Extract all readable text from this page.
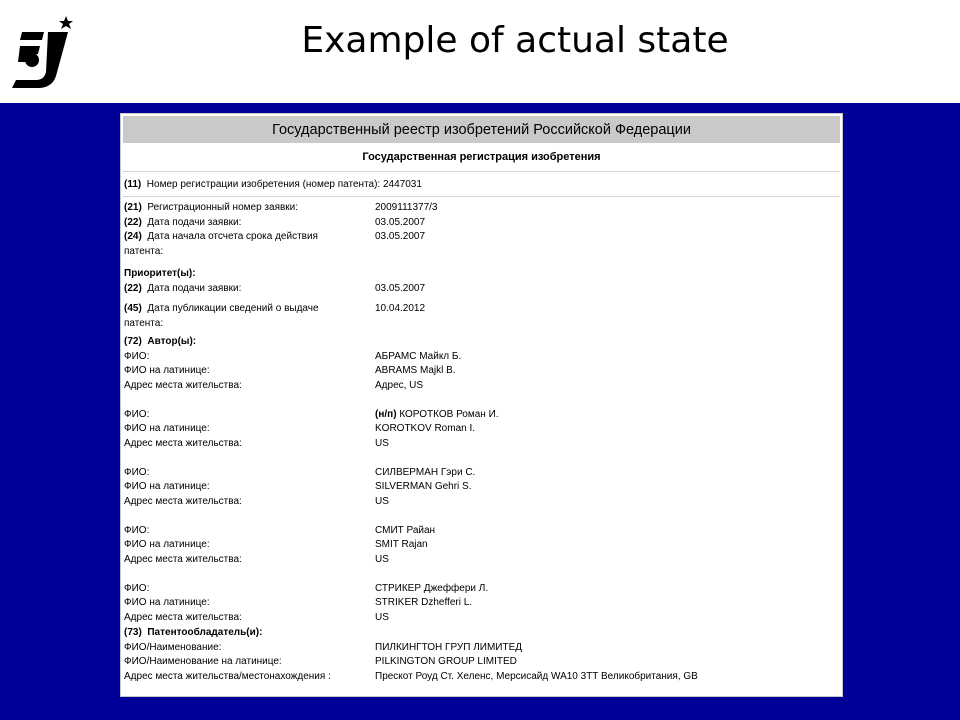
Example of actual state
Государственный реестр изобретений Российской Федерации
Государственная регистрация изобретения
(11)
Номер регистрации изобретения (номер патента):
2447031
(21) Регистрационный номер заявки:	2009111377/3
(22) Дата подачи заявки:	03.05.2007
(24) Дата начала отсчета срока действия
патента:
03.05.2007
Приоритет(ы):
(22) Дата подачи заявки:	03.05.2007
(45) Дата публикации сведений о выдаче
патента:
10.04.2012
(72) Автор(ы):
ФИО:	АБРАМС Майкл Б.
ФИО на латинице:	ABRAMS Majkl B.
Адрес места жительства:	Адрес, US
ФИО:	(н/п) КОРОТКОВ Роман И.
ФИО на латинице:	KOROTKOV Roman I.
Адрес места жительства:	US
ФИО:	СИЛВЕРМАН Гэри С.
ФИО на латинице:	SILVERMAN Gehri S.
Адрес места жительства:	US
ФИО:	СМИТ Райан
ФИО на латинице:	SMIT Rajan
Адрес места жительства:	US
ФИО:	СТРИКЕР Джеффери Л.
ФИО на латинице:	STRIKER Dzhefferi L.
Адрес места жительства:	US
(73) Патентообладатель(и):
ФИО/Наименование:	ПИЛКИНГТОН ГРУП ЛИМИТЕД
ФИО/Наименование на латинице:	PILKINGTON GROUP LIMITED
Адрес места жительства/местонахождения :	Прескот Роуд Ст. Хеленс, Мерсисайд WA10 3TT Великобритания, GB
